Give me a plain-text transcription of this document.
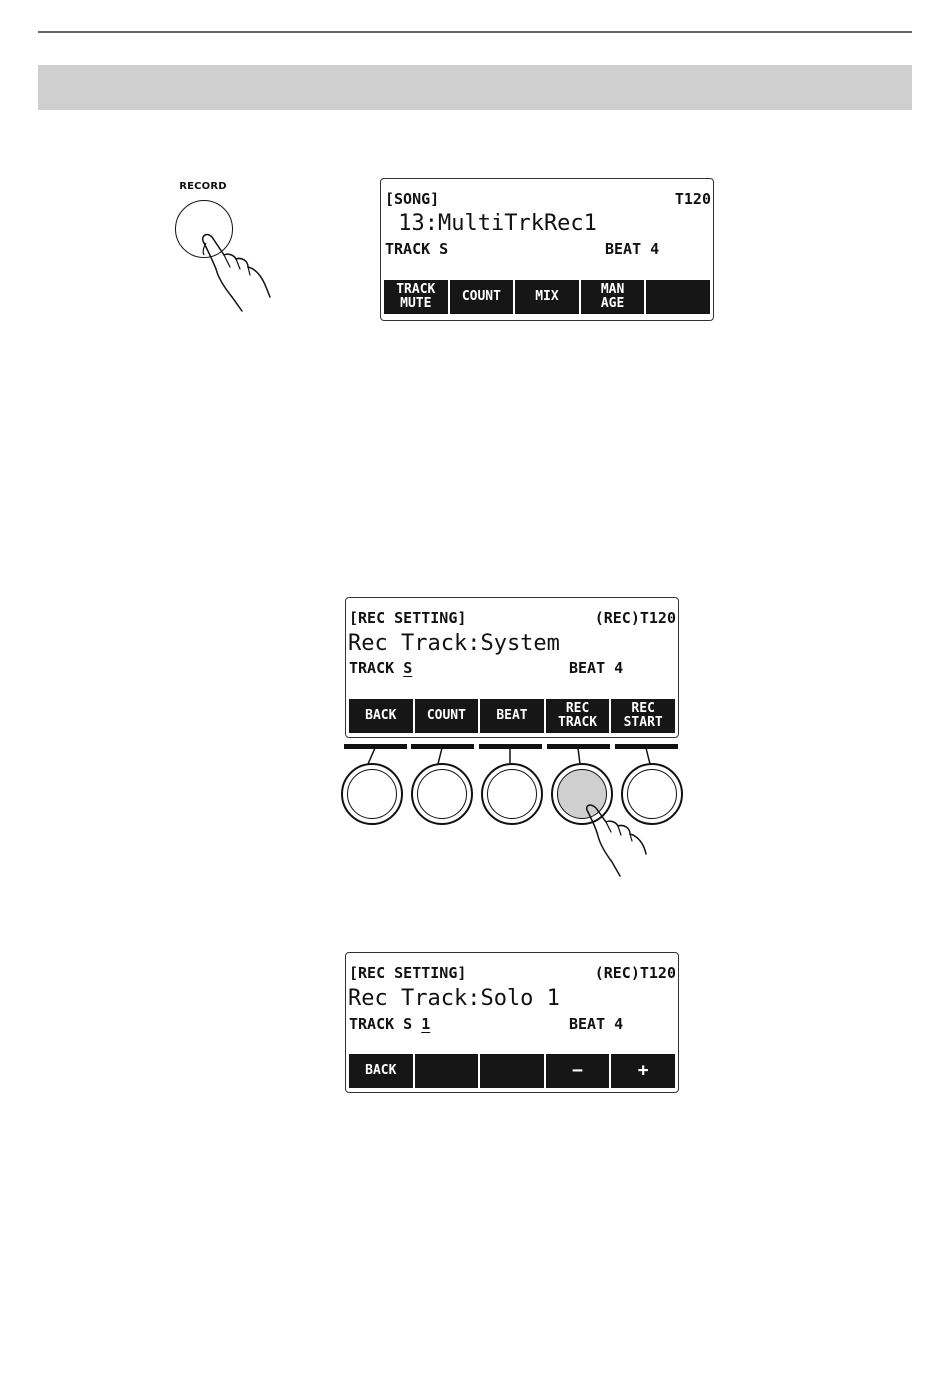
RECORD
[SONG]	T120
13:MultiTrkRec1
TRACK S	BEAT 4
TRACK
MUTE COUNT	MIX	MAN
AGE
[REC SETTING]	(REC)T120
Rec Track:System
TRACK S	BEAT 4
BACK COUNT BEAT	REC
TRACK
REC
START
[REC SETTING]	(REC)T120
Rec Track:Solo 1
TRACK S 1	BEAT 4
BACK	−	+
